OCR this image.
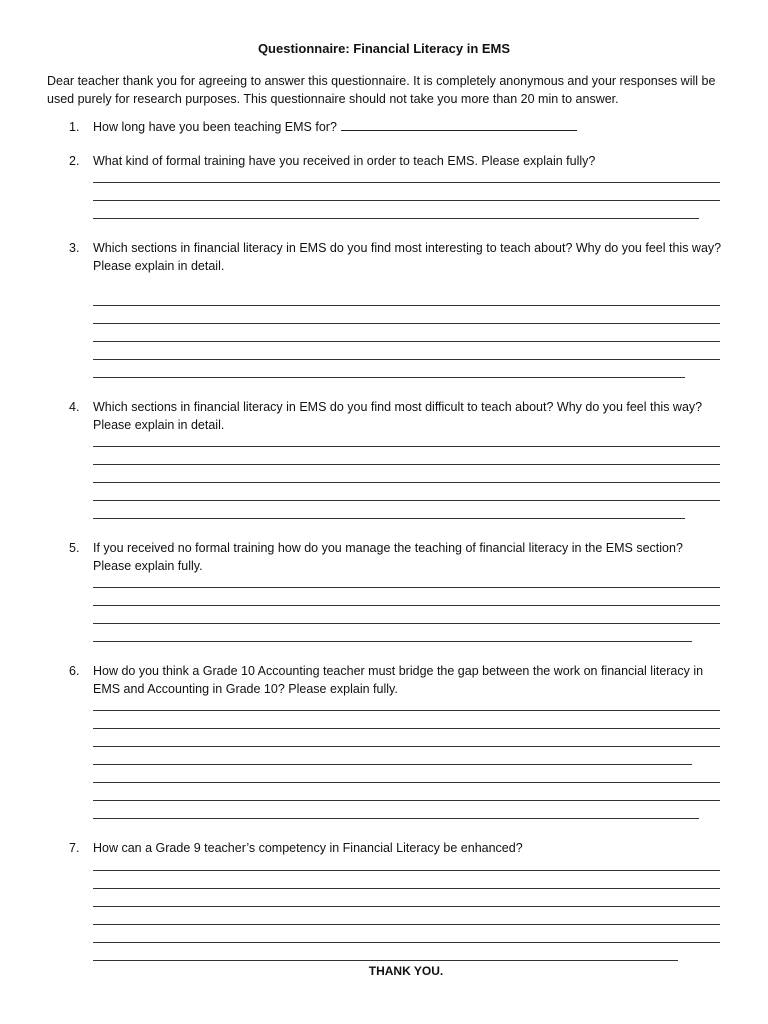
Questionnaire: Financial Literacy in EMS
Dear teacher thank you for agreeing to answer this questionnaire. It is completely anonymous and your responses will be used purely for research purposes. This questionnaire should not take you more than 20 min to answer.
1.	How long have you been teaching EMS for?
2.	What kind of formal training have you received in order to teach EMS. Please explain fully?
3.	Which sections in financial literacy in EMS do you find most interesting to teach about? Why do you feel this way? Please explain in detail.
4.	Which sections in financial literacy in EMS do you find most difficult to teach about? Why do you feel this way? Please explain in detail.
5.	If you received no formal training how do you manage the teaching of financial literacy in the EMS section? Please explain fully.
6.	How do you think a Grade 10 Accounting teacher must bridge the gap between the work on financial literacy in EMS and Accounting in Grade 10? Please explain fully.
7.	How can a Grade 9 teacher’s competency in Financial Literacy be enhanced?
THANK YOU.
